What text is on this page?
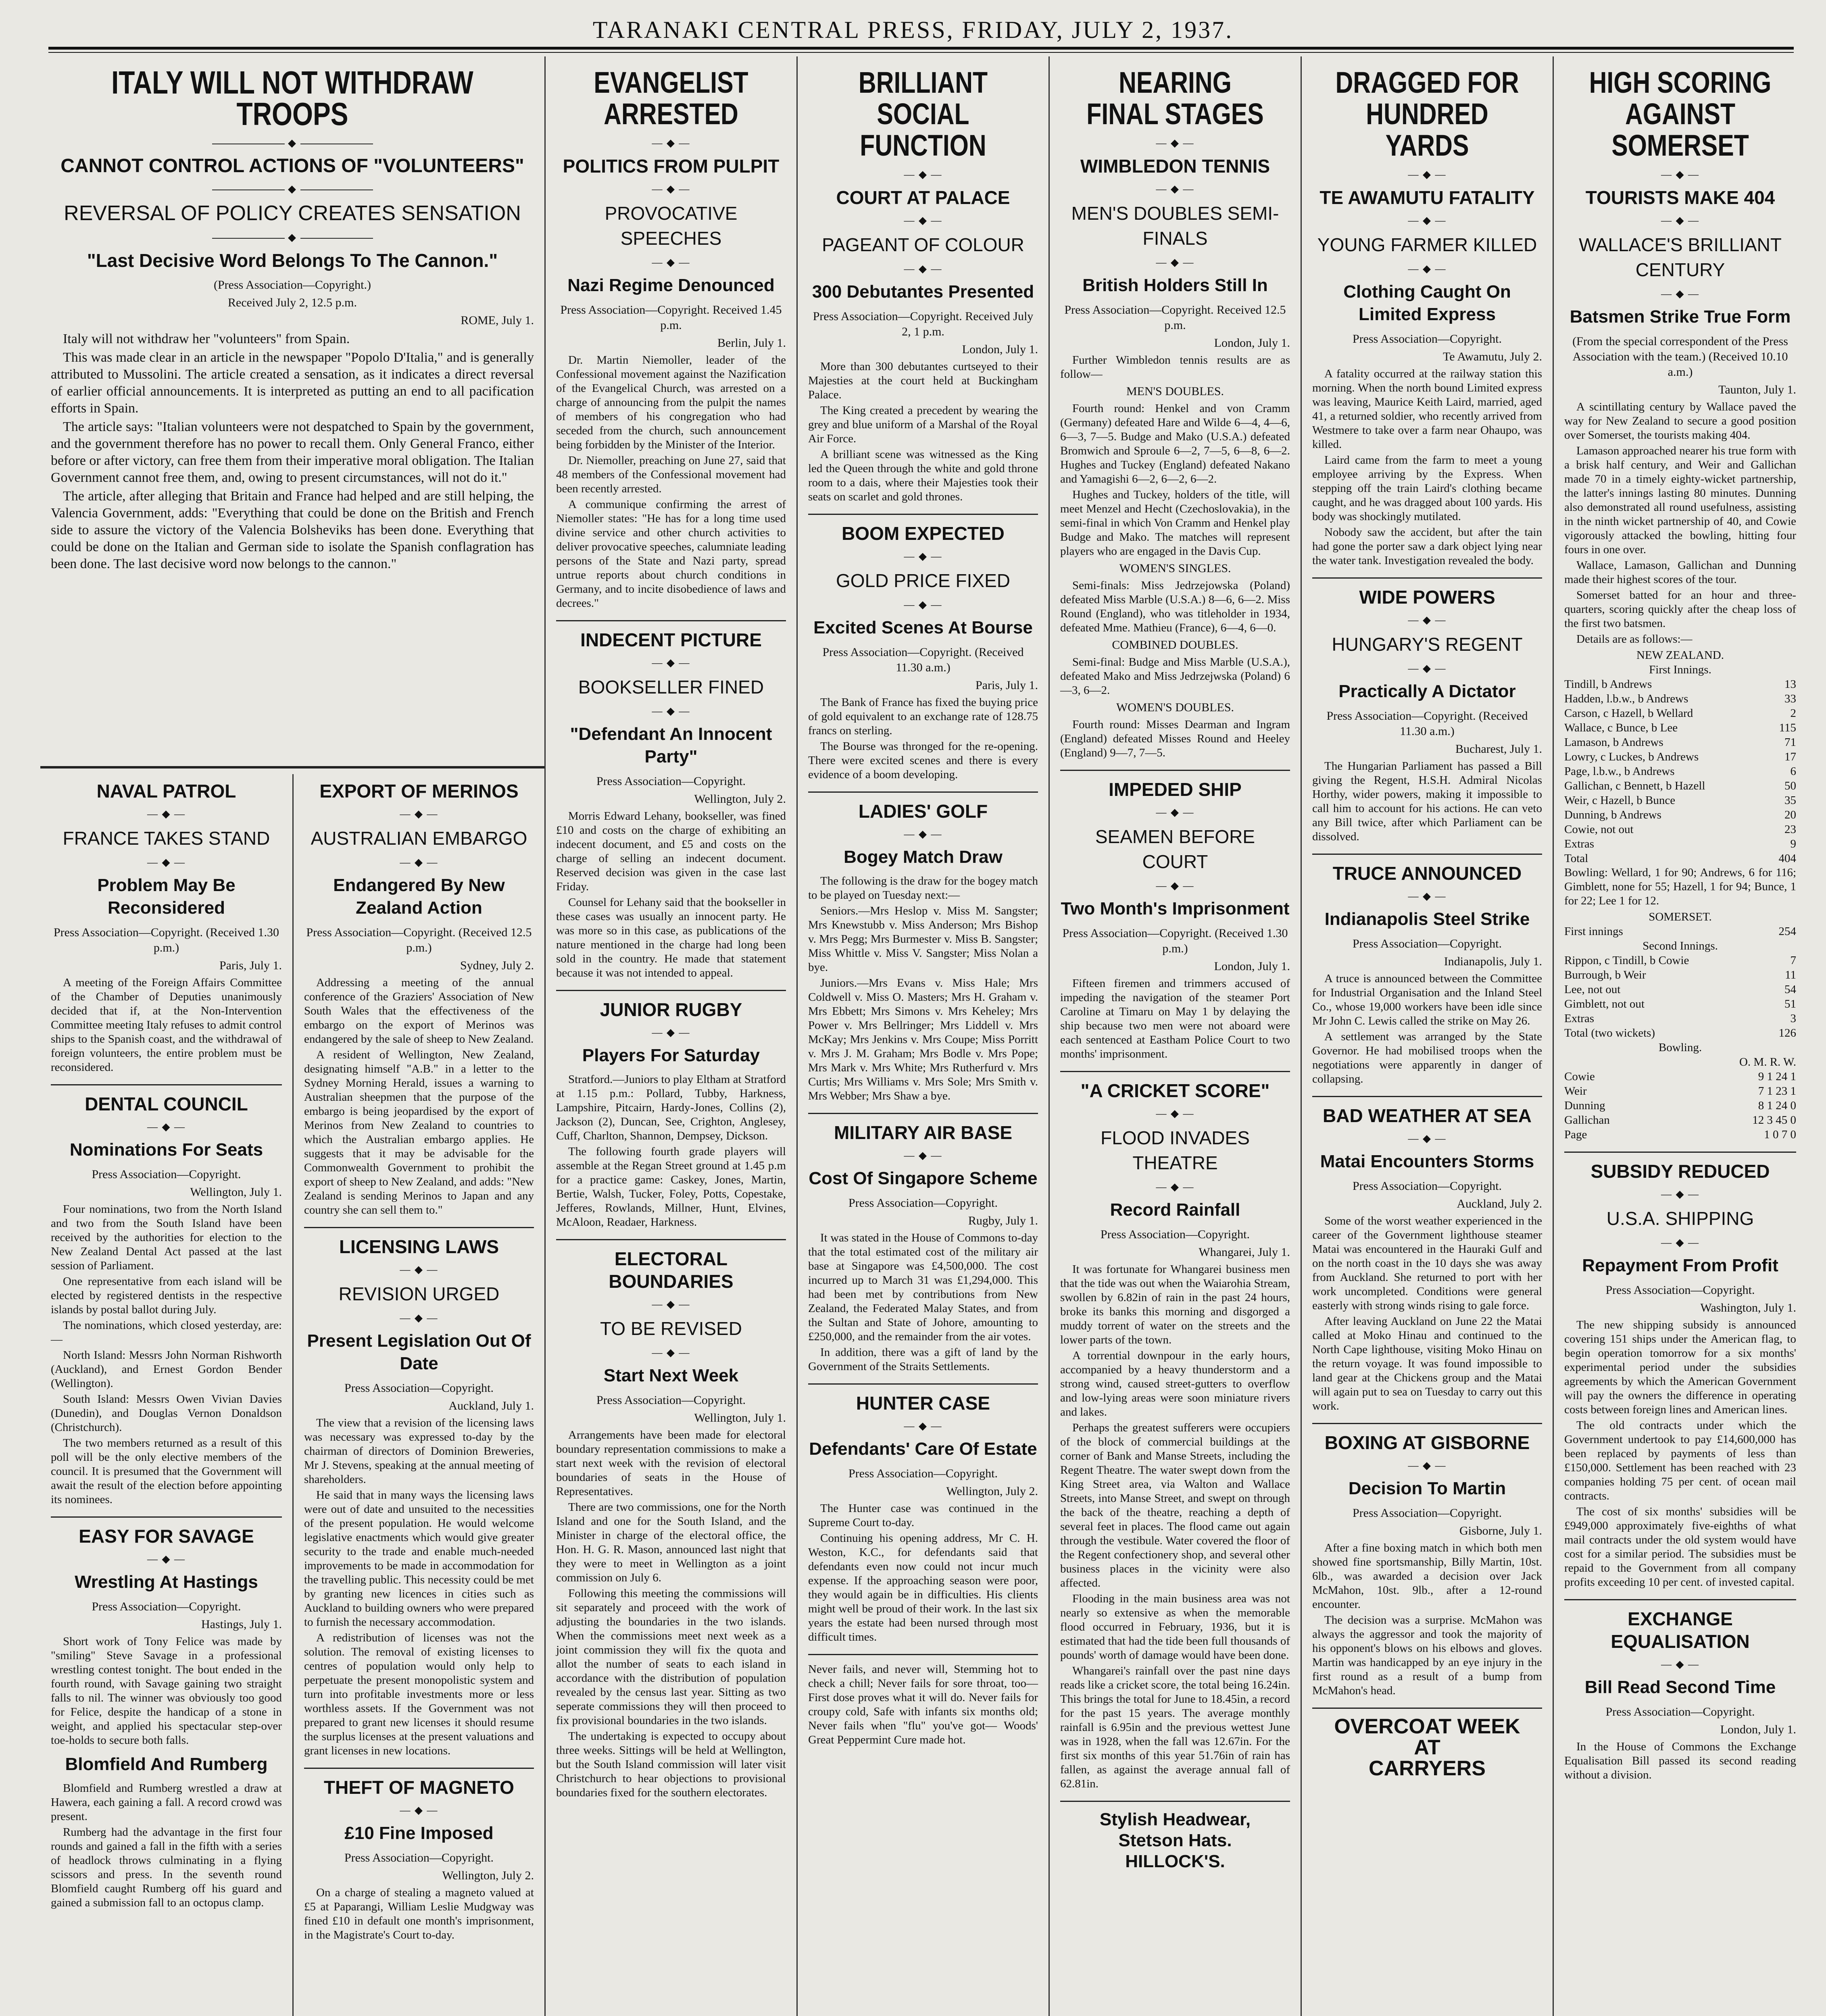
TARANAKI CENTRAL PRESS, FRIDAY, JULY 2, 1937.
ITALY WILL NOT WITHDRAW TROOPS
◆
CANNOT CONTROL ACTIONS OF "VOLUNTEERS"
◆
REVERSAL OF POLICY CREATES SENSATION
◆
"Last Decisive Word Belongs To The Cannon."
(Press Association—Copyright.)
Received July 2, 12.5 p.m.
ROME, July 1.

Italy will not withdraw her "volunteers" from Spain.

This was made clear in an article in the newspaper "Popolo D'Italia," and is generally attributed to Mussolini. The article created a sensation, as it indicates a direct reversal of earlier official announcements. It is interpreted as putting an end to all pacification efforts in Spain.

The article says: "Italian volunteers were not despatched to Spain by the government, and the government therefore has no power to recall them. Only General Franco, either before or after victory, can free them from their imperative moral obligation. The Italian Government cannot free them, and, owing to present circumstances, will not do it."

The article, after alleging that Britain and France had helped and are still helping, the Valencia Government, adds: "Everything that could be done on the British and French side to assure the victory of the Valencia Bolsheviks has been done. Everything that could be done on the Italian and German side to isolate the Spanish conflagration has been done. The last decisive word now belongs to the cannon."

NAVAL PATROL
— ◆ —
FRANCE TAKES STAND
— ◆ —
Problem May Be Reconsidered
Press Association—Copyright. (Received 1.30 p.m.)
Paris, July 1.

A meeting of the Foreign Affairs Committee of the Chamber of Deputies unanimously decided that if, at the Non-Intervention Committee meeting Italy refuses to admit control ships to the Spanish coast, and the withdrawal of foreign volunteers, the entire problem must be reconsidered.

DENTAL COUNCIL
— ◆ —
Nominations For Seats
Press Association—Copyright.
Wellington, July 1.

Four nominations, two from the North Island and two from the South Island have been received by the authorities for election to the New Zealand Dental Act passed at the last session of Parliament.

One representative from each island will be elected by registered dentists in the respective islands by postal ballot during July.

The nominations, which closed yesterday, are:—

North Island: Messrs John Norman Rishworth (Auckland), and Ernest Gordon Bender (Wellington).

South Island: Messrs Owen Vivian Davies (Dunedin), and Douglas Vernon Donaldson (Christchurch).

The two members returned as a result of this poll will be the only elective members of the council. It is presumed that the Government will await the result of the election before appointing its nominees.

EASY FOR SAVAGE
— ◆ —
Wrestling At Hastings
Press Association—Copyright.
Hastings, July 1.

Short work of Tony Felice was made by "smiling" Steve Savage in a professional wrestling contest tonight. The bout ended in the fourth round, with Savage gaining two straight falls to nil. The winner was obviously too good for Felice, despite the handicap of a stone in weight, and applied his spectacular step-over toe-holds to secure both falls.

Blomfield And Rumberg

Blomfield and Rumberg wrestled a draw at Hawera, each gaining a fall. A record crowd was present.

Rumberg had the advantage in the first four rounds and gained a fall in the fifth with a series of headlock throws culminating in a flying scissors and press. In the seventh round Blomfield caught Rumberg off his guard and gained a submission fall to an octopus clamp.

EXPORT OF MERINOS
— ◆ —
AUSTRALIAN EMBARGO
— ◆ —
Endangered By New Zealand Action
Press Association—Copyright. (Received 12.5 p.m.)
Sydney, July 2.

Addressing a meeting of the annual conference of the Graziers' Association of New South Wales that the effectiveness of the embargo on the export of Merinos was endangered by the sale of sheep to New Zealand.

A resident of Wellington, New Zealand, designating himself "A.B." in a letter to the Sydney Morning Herald, issues a warning to Australian sheepmen that the purpose of the embargo is being jeopardised by the export of Merinos from New Zealand to countries to which the Australian embargo applies. He suggests that it may be advisable for the Commonwealth Government to prohibit the export of sheep to New Zealand, and adds: "New Zealand is sending Merinos to Japan and any country she can sell them to."

LICENSING LAWS
— ◆ —
REVISION URGED
— ◆ —
Present Legislation Out Of Date
Press Association—Copyright.
Auckland, July 1.

The view that a revision of the licensing laws was necessary was expressed to-day by the chairman of directors of Dominion Breweries, Mr J. Stevens, speaking at the annual meeting of shareholders.

He said that in many ways the licensing laws were out of date and unsuited to the necessities of the present population. He would welcome legislative enactments which would give greater security to the trade and enable much-needed improvements to be made in accommodation for the travelling public. This necessity could be met by granting new licences in cities such as Auckland to building owners who were prepared to furnish the necessary accommodation.

A redistribution of licenses was not the solution. The removal of existing licenses to centres of population would only help to perpetuate the present monopolistic system and turn into profitable investments more or less worthless assets. If the Government was not prepared to grant new licenses it should resume the surplus licenses at the present valuations and grant licenses in new locations.

THEFT OF MAGNETO
— ◆ —
£10 Fine Imposed
Press Association—Copyright.
Wellington, July 2.

On a charge of stealing a magneto valued at £5 at Paparangi, William Leslie Mudgway was fined £10 in default one month's imprisonment, in the Magistrate's Court to-day.

EVANGELIST ARRESTED
— ◆ —
POLITICS FROM PULPIT
— ◆ —
PROVOCATIVE SPEECHES
— ◆ —
Nazi Regime Denounced
Press Association—Copyright. Received 1.45 p.m.
Berlin, July 1.

Dr. Martin Niemoller, leader of the Confessional movement against the Nazification of the Evangelical Church, was arrested on a charge of announcing from the pulpit the names of members of his congregation who had seceded from the church, such announcement being forbidden by the Minister of the Interior.

Dr. Niemoller, preaching on June 27, said that 48 members of the Confessional movement had been recently arrested.

A communique confirming the arrest of Niemoller states: "He has for a long time used divine service and other church activities to deliver provocative speeches, calumniate leading persons of the State and Nazi party, spread untrue reports about church conditions in Germany, and to incite disobedience of laws and decrees."

INDECENT PICTURE
— ◆ —
BOOKSELLER FINED
— ◆ —
"Defendant An Innocent Party"
Press Association—Copyright.
Wellington, July 2.

Morris Edward Lehany, bookseller, was fined £10 and costs on the charge of exhibiting an indecent document, and £5 and costs on the charge of selling an indecent document. Reserved decision was given in the case last Friday.

Counsel for Lehany said that the bookseller in these cases was usually an innocent party. He was more so in this case, as publications of the nature mentioned in the charge had long been sold in the country. He made that statement because it was not intended to appeal.

JUNIOR RUGBY
— ◆ —
Players For Saturday

Stratford.—Juniors to play Eltham at Stratford at 1.15 p.m.: Pollard, Tubby, Harkness, Lampshire, Pitcairn, Hardy-Jones, Collins (2), Jackson (2), Duncan, See, Crighton, Anglesey, Cuff, Charlton, Shannon, Dempsey, Dickson.

The following fourth grade players will assemble at the Regan Street ground at 1.45 p.m for a practice game: Caskey, Jones, Martin, Bertie, Walsh, Tucker, Foley, Potts, Copestake, Jefferes, Rowlands, Millner, Hunt, Elvines, McAloon, Readaer, Harkness.

ELECTORAL BOUNDARIES
— ◆ —
TO BE REVISED
— ◆ —
Start Next Week
Press Association—Copyright.
Wellington, July 1.

Arrangements have been made for electoral boundary representation commissions to make a start next week with the revision of electoral boundaries of seats in the House of Representatives.

There are two commissions, one for the North Island and one for the South Island, and the Minister in charge of the electoral office, the Hon. H. G. R. Mason, announced last night that they were to meet in Wellington as a joint commission on July 6.

Following this meeting the commissions will sit separately and proceed with the work of adjusting the boundaries in the two islands. When the commissions meet next week as a joint commission they will fix the quota and allot the number of seats to each island in accordance with the distribution of population revealed by the census last year. Sitting as two seperate commissions they will then proceed to fix provisional boundaries in the two islands.

The undertaking is expected to occupy about three weeks. Sittings will be held at Wellington, but the South Island commission will later visit Christchurch to hear objections to provisional boundaries fixed for the southern electorates.

BRILLIANT SOCIAL FUNCTION
— ◆ —
COURT AT PALACE
— ◆ —
PAGEANT OF COLOUR
— ◆ —
300 Debutantes Presented
Press Association—Copyright. Received July 2, 1 p.m.
London, July 1.

More than 300 debutantes curtseyed to their Majesties at the court held at Buckingham Palace.

The King created a precedent by wearing the grey and blue uniform of a Marshal of the Royal Air Force.

A brilliant scene was witnessed as the King led the Queen through the white and gold throne room to a dais, where their Majesties took their seats on scarlet and gold thrones.

BOOM EXPECTED
— ◆ —
GOLD PRICE FIXED
— ◆ —
Excited Scenes At Bourse
Press Association—Copyright. (Received 11.30 a.m.)
Paris, July 1.

The Bank of France has fixed the buying price of gold equivalent to an exchange rate of 128.75 francs on sterling.

The Bourse was thronged for the re-opening. There were excited scenes and there is every evidence of a boom developing.

LADIES' GOLF
— ◆ —
Bogey Match Draw

The following is the draw for the bogey match to be played on Tuesday next:—

Seniors.—Mrs Heslop v. Miss M. Sangster; Mrs Knewstubb v. Miss Anderson; Mrs Bishop v. Mrs Pegg; Mrs Burmester v. Miss B. Sangster; Miss Whittle v. Miss V. Sangster; Miss Nolan a bye.

Juniors.—Mrs Evans v. Miss Hale; Mrs Coldwell v. Miss O. Masters; Mrs H. Graham v. Mrs Ebbett; Mrs Simons v. Mrs Keheley; Mrs Power v. Mrs Bellringer; Mrs Liddell v. Mrs McKay; Mrs Jenkins v. Mrs Coupe; Miss Porritt v. Mrs J. M. Graham; Mrs Bodle v. Mrs Pope; Mrs Mark v. Mrs White; Mrs Rutherfurd v. Mrs Curtis; Mrs Williams v. Mrs Sole; Mrs Smith v. Mrs Webber; Mrs Shaw a bye.

MILITARY AIR BASE
— ◆ —
Cost Of Singapore Scheme
Press Association—Copyright.
Rugby, July 1.

It was stated in the House of Commons to-day that the total estimated cost of the military air base at Singapore was £4,500,000. The cost incurred up to March 31 was £1,294,000. This had been met by contributions from New Zealand, the Federated Malay States, and from the Sultan and State of Johore, amounting to £250,000, and the remainder from the air votes.

In addition, there was a gift of land by the Government of the Straits Settlements.

HUNTER CASE
— ◆ —
Defendants' Care Of Estate
Press Association—Copyright.
Wellington, July 2.

The Hunter case was continued in the Supreme Court to-day.

Continuing his opening address, Mr C. H. Weston, K.C., for defendants said that defendants even now could not incur much expense. If the approaching season were poor, they would again be in difficulties. His clients might well be proud of their work. In the last six years the estate had been nursed through most difficult times.

Never fails, and never will, Stemming hot to check a chill; Never fails for sore throat, too— First dose proves what it will do. Never fails for croupy cold, Safe with infants six months old; Never fails when "flu" you've got— Woods' Great Peppermint Cure made hot.

NEARING FINAL STAGES
— ◆ —
WIMBLEDON TENNIS
— ◆ —
MEN'S DOUBLES SEMI-FINALS
— ◆ —
British Holders Still In
Press Association—Copyright. Received 12.5 p.m.
London, July 1.

Further Wimbledon tennis results are as follow—

MEN'S DOUBLES.

Fourth round: Henkel and von Cramm (Germany) defeated Hare and Wilde 6—4, 4—6, 6—3, 7—5. Budge and Mako (U.S.A.) defeated Bromwich and Sproule 6—2, 7—5, 6—8, 6—2. Hughes and Tuckey (England) defeated Nakano and Yamagishi 6—2, 6—2, 6—2.

Hughes and Tuckey, holders of the title, will meet Menzel and Hecht (Czechoslovakia), in the semi-final in which Von Cramm and Henkel play Budge and Mako. The matches will represent players who are engaged in the Davis Cup.

WOMEN'S SINGLES.

Semi-finals: Miss Jedrzejowska (Poland) defeated Miss Marble (U.S.A.) 8—6, 6—2. Miss Round (England), who was titleholder in 1934, defeated Mme. Mathieu (France), 6—4, 6—0.

COMBINED DOUBLES.

Semi-final: Budge and Miss Marble (U.S.A.), defeated Mako and Miss Jedrzejwska (Poland) 6—3, 6—2.

WOMEN'S DOUBLES.

Fourth round: Misses Dearman and Ingram (England) defeated Misses Round and Heeley (England) 9—7, 7—5.

IMPEDED SHIP
— ◆ —
SEAMEN BEFORE COURT
— ◆ —
Two Month's Imprisonment
Press Association—Copyright. (Received 1.30 p.m.)
London, July 1.

Fifteen firemen and trimmers accused of impeding the navigation of the steamer Port Caroline at Timaru on May 1 by delaying the ship because two men were not aboard were each sentenced at Eastham Police Court to two months' imprisonment.

"A CRICKET SCORE"
— ◆ —
FLOOD INVADES THEATRE
— ◆ —
Record Rainfall
Press Association—Copyright.
Whangarei, July 1.

It was fortunate for Whangarei business men that the tide was out when the Waiarohia Stream, swollen by 6.82in of rain in the past 24 hours, broke its banks this morning and disgorged a muddy torrent of water on the streets and the lower parts of the town.

A torrential downpour in the early hours, accompanied by a heavy thunderstorm and a strong wind, caused street-gutters to overflow and low-lying areas were soon miniature rivers and lakes.

Perhaps the greatest sufferers were occupiers of the block of commercial buildings at the corner of Bank and Manse Streets, including the Regent Theatre. The water swept down from the King Street area, via Walton and Wallace Streets, into Manse Street, and swept on through the back of the theatre, reaching a depth of several feet in places. The flood came out again through the vestibule. Water covered the floor of the Regent confectionery shop, and several other business places in the vicinity were also affected.

Flooding in the main business area was not nearly so extensive as when the memorable flood occurred in February, 1936, but it is estimated that had the tide been full thousands of pounds' worth of damage would have been done.

Whangarei's rainfall over the past nine days reads like a cricket score, the total being 16.24in. This brings the total for June to 18.45in, a record for the past 15 years. The average monthly rainfall is 6.95in and the previous wettest June was in 1928, when the fall was 12.67in. For the first six months of this year 51.76in of rain has fallen, as against the average annual fall of 62.81in.

Stylish Headwear,
Stetson Hats.
HILLOCK'S.
DRAGGED FOR HUNDRED YARDS
— ◆ —
TE AWAMUTU FATALITY
— ◆ —
YOUNG FARMER KILLED
— ◆ —
Clothing Caught On Limited Express
Press Association—Copyright.
Te Awamutu, July 2.

A fatality occurred at the railway station this morning. When the north bound Limited express was leaving, Maurice Keith Laird, married, aged 41, a returned soldier, who recently arrived from Westmere to take over a farm near Ohaupo, was killed.

Laird came from the farm to meet a young employee arriving by the Express. When stepping off the train Laird's clothing became caught, and he was dragged about 100 yards. His body was shockingly mutilated.

Nobody saw the accident, but after the tain had gone the porter saw a dark object lying near the water tank. Investigation revealed the body.

WIDE POWERS
— ◆ —
HUNGARY'S REGENT
— ◆ —
Practically A Dictator
Press Association—Copyright. (Received 11.30 a.m.)
Bucharest, July 1.

The Hungarian Parliament has passed a Bill giving the Regent, H.S.H. Admiral Nicolas Horthy, wider powers, making it impossible to call him to account for his actions. He can veto any Bill twice, after which Parliament can be dissolved.

TRUCE ANNOUNCED
— ◆ —
Indianapolis Steel Strike
Press Association—Copyright.
Indianapolis, July 1.

A truce is announced between the Committee for Industrial Organisation and the Inland Steel Co., whose 19,000 workers have been idle since Mr John C. Lewis called the strike on May 26.

A settlement was arranged by the State Governor. He had mobilised troops when the negotiations were apparently in danger of collapsing.

BAD WEATHER AT SEA
— ◆ —
Matai Encounters Storms
Press Association—Copyright.
Auckland, July 2.

Some of the worst weather experienced in the career of the Government lighthouse steamer Matai was encountered in the Hauraki Gulf and on the north coast in the 10 days she was away from Auckland. She returned to port with her work uncompleted. Conditions were general easterly with strong winds rising to gale force.

After leaving Auckland on June 22 the Matai called at Moko Hinau and continued to the North Cape lighthouse, visiting Moko Hinau on the return voyage. It was found impossible to land gear at the Chickens group and the Matai will again put to sea on Tuesday to carry out this work.

BOXING AT GISBORNE
— ◆ —
Decision To Martin
Press Association—Copyright.
Gisborne, July 1.

After a fine boxing match in which both men showed fine sportsmanship, Billy Martin, 10st. 6lb., was awarded a decision over Jack McMahon, 10st. 9lb., after a 12-round encounter.

The decision was a surprise. McMahon was always the aggressor and took the majority of his opponent's blows on his elbows and gloves. Martin was handicapped by an eye injury in the first round as a result of a bump from McMahon's head.

OVERCOAT WEEK
AT
CARRYERS
HIGH SCORING AGAINST SOMERSET
— ◆ —
TOURISTS MAKE 404
— ◆ —
WALLACE'S BRILLIANT CENTURY
— ◆ —
Batsmen Strike True Form
(From the special correspondent of the Press Association with the team.) (Received 10.10 a.m.)
Taunton, July 1.

A scintillating century by Wallace paved the way for New Zealand to secure a good position over Somerset, the tourists making 404.

Lamason approached nearer his true form with a brisk half century, and Weir and Gallichan made 70 in a timely eighty-wicket partnership, the latter's innings lasting 80 minutes. Dunning also demonstrated all round usefulness, assisting in the ninth wicket partnership of 40, and Cowie vigorously attacked the bowling, hitting four fours in one over.

Wallace, Lamason, Gallichan and Dunning made their highest scores of the tour.

Somerset batted for an hour and three-quarters, scoring quickly after the cheap loss of the first two batsmen.

Details are as follows:—

NEW ZEALAND.
First Innings.
Tindill, b Andrews	13
Hadden, l.b.w., b Andrews	33
Carson, c Hazell, b Wellard	2
Wallace, c Bunce, b Lee	115
Lamason, b Andrews	71
Lowry, c Luckes, b Andrews	17
Page, l.b.w., b Andrews	6
Gallichan, c Bennett, b Hazell	50
Weir, c Hazell, b Bunce	35
Dunning, b Andrews	20
Cowie, not out	23
Extras	9
Total	404

Bowling: Wellard, 1 for 90; Andrews, 6 for 116; Gimblett, none for 55; Hazell, 1 for 94; Bunce, 1 for 22; Lee 1 for 12.

SOMERSET.
First innings	254
Second Innings.
Rippon, c Tindill, b Cowie	7
Burrough, b Weir	11
Lee, not out	54
Gimblett, not out	51
Extras	3
Total (two wickets)	126
Bowling.
O. M. R. W.
Cowie	9 1 24 1
Weir	7 1 23 1
Dunning	8 1 24 0
Gallichan	12 3 45 0
Page	1 0 7 0
SUBSIDY REDUCED
— ◆ —
U.S.A. SHIPPING
— ◆ —
Repayment From Profit
Press Association—Copyright.
Washington, July 1.

The new shipping subsidy is announced covering 151 ships under the American flag, to begin operation tomorrow for a six months' experimental period under the subsidies agreements by which the American Government will pay the owners the difference in operating costs between foreign lines and American lines.

The old contracts under which the Government undertook to pay £14,600,000 has been replaced by payments of less than £150,000. Settlement has been reached with 23 companies holding 75 per cent. of ocean mail contracts.

The cost of six months' subsidies will be £949,000 approximately five-eighths of what mail contracts under the old system would have cost for a similar period. The subsidies must be repaid to the Government from all company profits exceeding 10 per cent. of invested capital.

EXCHANGE EQUALISATION
— ◆ —
Bill Read Second Time
Press Association—Copyright.
London, July 1.

In the House of Commons the Exchange Equalisation Bill passed its second reading without a division.
